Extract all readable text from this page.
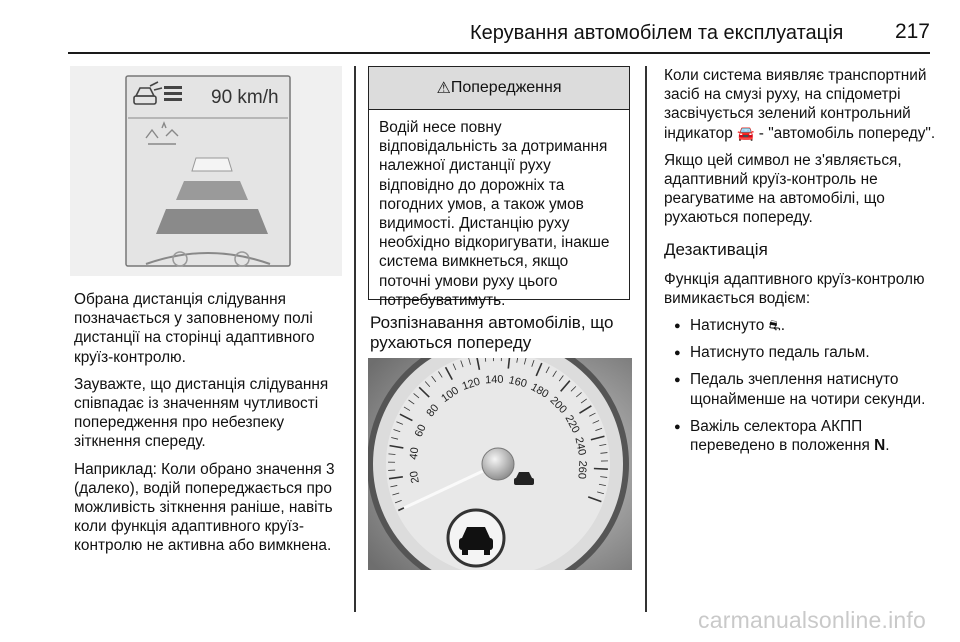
Керування автомобілем та експлуатація 217
90 km/h

Обрана дистанція слідування позначається у заповненому полі дистанції на сторінці адаптивного круїз-контролю.

Зауважте, що дистанція слідування співпадає із значенням чутливості попередження про небезпеку зіткнення спереду.

Наприклад: Коли обрано значення 3 (далеко), водій попереджається про можливість зіткнення раніше, навіть коли функція адаптивного круїз-контролю не активна або вимкнена.

⚠ Попередження
Водій несе повну відповідальність за дотримання належної дистанції руху відповідно до дорожніх та погодних умов, а також умов видимості. Дистанцію руху необхідно відкоригувати, інакше система вимкнеться, якщо поточні умови руху цього потребуватимуть.
Розпізнавання автомобілів, що рухаються попереду
20
40
60
80
100
120 140 160 180
200
220
240
260

Коли система виявляє транспортний засіб на смузі руху, на спідометрі засвічується зелений контрольний індикатор 🚘 - "автомобіль попереду".

Якщо цей символ не з'являється, адаптивний круїз-контроль не реагуватиме на автомобілі, що рухаються попереду.

Дезактивація

Функція адаптивного круїз-контролю вимикається водієм:

● Натиснуто ⛐.
● Натиснуто педаль гальм.
● Педаль зчеплення натиснуто щонайменше на чотири секунди.
● Важіль селектора АКПП переведено в положення N.
carmanualsonline.info
